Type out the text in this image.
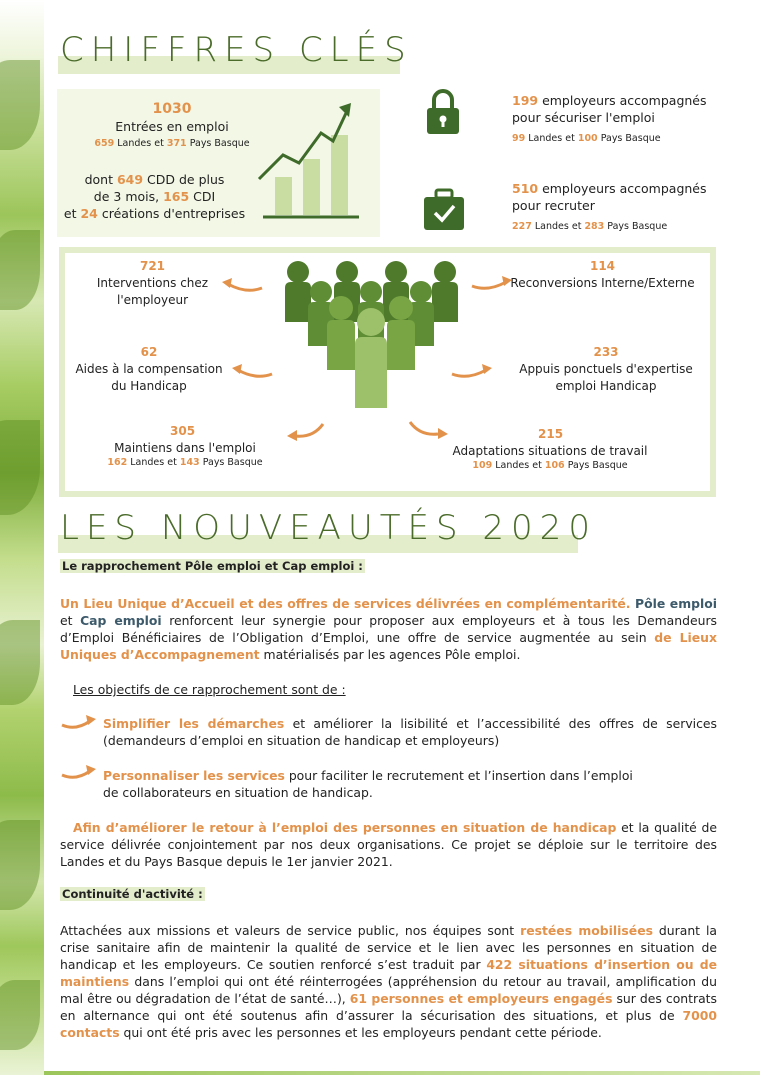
CHIFFRES CLÉS
1030
Entrées en emploi
659 Landes et 371 Pays Basque
dont 649 CDD de plus
de 3 mois, 165 CDI
et 24 créations d'entreprises
199 employeurs accompagnés
pour sécuriser l'emploi
99 Landes et 100 Pays Basque
510 employeurs accompagnés
pour recruter
227 Landes et 283 Pays Basque
721
Interventions chez
l'employeur
62
Aides à la compensation
du Handicap
305
Maintiens dans l'emploi
162 Landes et 143 Pays Basque
114
Reconversions Interne/Externe
233
Appuis ponctuels d'expertise
emploi Handicap
215
Adaptations situations de travail
109 Landes et 106 Pays Basque
LES NOUVEAUTÉS 2020
Le rapprochement Pôle emploi et Cap emploi :
Un Lieu Unique d’Accueil et des offres de services délivrées en complémentarité. Pôle emploi et Cap emploi renforcent leur synergie pour proposer aux employeurs et à tous les Demandeurs d’Emploi Bénéficiaires de l’Obligation d’Emploi, une offre de service augmentée au sein de Lieux Uniques d’Accompagnement matérialisés par les agences Pôle emploi.
Les objectifs de ce rapprochement sont de :
Simplifier les démarches et améliorer la lisibilité et l’accessibilité des offres de services (demandeurs d’emploi en situation de handicap et employeurs)
Personnaliser les services pour faciliter le recrutement et l’insertion dans l’emploi
de collaborateurs en situation de handicap.
Afin d’améliorer le retour à l’emploi des personnes en situation de handicap et la qualité de service délivrée conjointement par nos deux organisations. Ce projet se déploie sur le territoire des Landes et du Pays Basque depuis le 1er janvier 2021.
Continuité d'activité :
Attachées aux missions et valeurs de service public, nos équipes sont restées mobilisées durant la crise sanitaire afin de maintenir la qualité de service et le lien avec les personnes en situation de handicap et les employeurs. Ce soutien renforcé s’est traduit par 422 situations d’insertion ou de maintiens dans l’emploi qui ont été réinterrogées (appréhension du retour au travail, amplification du mal être ou dégradation de l’état de santé…), 61 personnes et employeurs engagés sur des contrats en alternance qui ont été soutenus afin d’assurer la sécurisation des situations, et plus de 7000 contacts qui ont été pris avec les personnes et les employeurs pendant cette période.
